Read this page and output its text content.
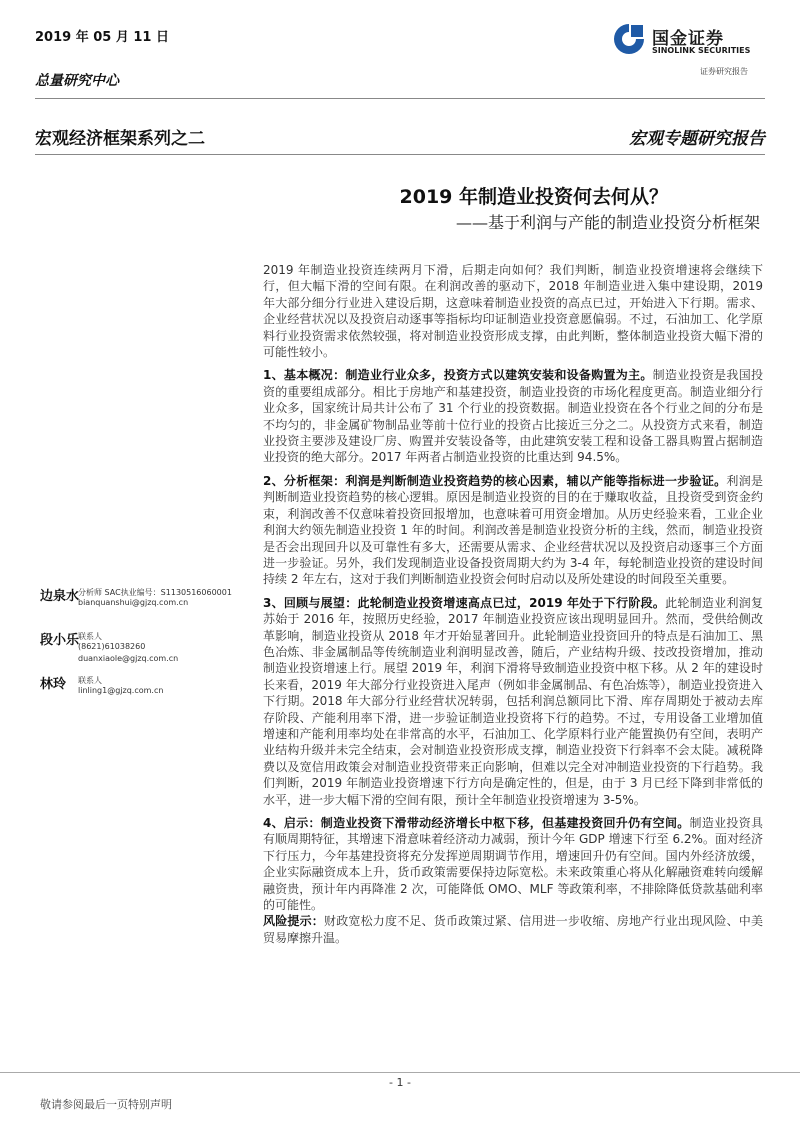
2019 年 05 月 11 日	国金证券
SINOLINK SECURITIES
证券研究报告
总量研究中心
宏观经济框架系列之二	宏观专题研究报告
2019 年制造业投资何去何从？
——基于利润与产能的制造业投资分析框架

2019 年制造业投资连续两月下滑，后期走向如何？我们判断，制造业投资增速将会继续下行，但大幅下滑的空间有限。在利润改善的驱动下，2018 年制造业进入集中建设期，2019 年大部分细分行业进入建设后期，这意味着制造业投资的高点已过，开始进入下行期。需求、企业经营状况以及投资启动逐事等指标均印证制造业投资意愿偏弱。不过，石油加工、化学原料行业投资需求依然较强，将对制造业投资形成支撑，由此判断，整体制造业投资大幅下滑的可能性较小。

1、基本概况：制造业行业众多，投资方式以建筑安装和设备购置为主。制造业投资是我国投资的重要组成部分。相比于房地产和基建投资，制造业投资的市场化程度更高。制造业细分行业众多，国家统计局共计公布了 31 个行业的投资数据。制造业投资在各个行业之间的分布是不均匀的，非金属矿物制品业等前十位行业的投资占比接近三分之二。从投资方式来看，制造业投资主要涉及建设厂房、购置并安装设备等，由此建筑安装工程和设备工器具购置占据制造业投资的绝大部分。2017 年两者占制造业投资的比重达到 94.5%。

2、分析框架：利润是判断制造业投资趋势的核心因素，辅以产能等指标进一步验证。利润是判断制造业投资趋势的核心逻辑。原因是制造业投资的目的在于赚取收益，且投资受到资金约束，利润改善不仅意味着投资回报增加，也意味着可用资金增加。从历史经验来看，工业企业利润大约领先制造业投资 1 年的时间。利润改善是制造业投资分析的主线，然而，制造业投资是否会出现回升以及可靠性有多大，还需要从需求、企业经营状况以及投资启动逐事三个方面进一步验证。另外，我们发现制造业设备投资周期大约为 3-4 年，每轮制造业投资的建设时间持续 2 年左右，这对于我们判断制造业投资会何时启动以及所处建设的时间段至关重要。

3、回顾与展望：此轮制造业投资增速高点已过，2019 年处于下行阶段。此轮制造业利润复苏始于 2016 年，按照历史经验，2017 年制造业投资应该出现明显回升。然而，受供给侧改革影响，制造业投资从 2018 年才开始显著回升。此轮制造业投资回升的特点是石油加工、黑色冶炼、非金属制品等传统制造业利润明显改善，随后，产业结构升级、技改投资增加，推动制造业投资增速上行。展望 2019 年，利润下滑将导致制造业投资中枢下移。从 2 年的建设时长来看，2019 年大部分行业投资进入尾声（例如非金属制品、有色冶炼等），制造业投资进入下行期。2018 年大部分行业经营状况转弱，包括利润总额同比下滑、库存周期处于被动去库存阶段、产能利用率下滑，进一步验证制造业投资将下行的趋势。不过，专用设备工业增加值增速和产能利用率均处在非常高的水平，石油加工、化学原料行业产能置换仍有空间，表明产业结构升级并未完全结束，会对制造业投资形成支撑，制造业投资下行斜率不会太陡。减税降费以及宽信用政策会对制造业投资带来正向影响，但难以完全对冲制造业投资的下行趋势。我们判断，2019 年制造业投资增速下行方向是确定性的，但是，由于 3 月已经下降到非常低的水平，进一步大幅下滑的空间有限，预计全年制造业投资增速为 3-5%。

4、启示：制造业投资下滑带动经济增长中枢下移，但基建投资回升仍有空间。制造业投资具有顺周期特征，其增速下滑意味着经济动力减弱，预计今年 GDP 增速下行至 6.2%。面对经济下行压力，今年基建投资将充分发挥逆周期调节作用，增速回升仍有空间。国内外经济放缓，企业实际融资成本上升，货币政策需要保持边际宽松。未来政策重心将从化解融资难转向缓解融资贵，预计年内再降准 2 次，可能降低 OMO、MLF 等政策利率，不排除降低贷款基础利率的可能性。
风险提示：财政宽松力度不足、货币政策过紧、信用进一步收缩、房地产行业出现风险、中美贸易摩擦升温。

边泉水
分析师 SAC执业编号：S1130516060001
bianquanshui@gjzq.com.cn
段小乐
联系人
(8621)61038260
duanxiaole@gjzq.com.cn
林玲 联系人
linling1@gjzq.com.cn
- 1 -
敬请参阅最后一页特别声明
